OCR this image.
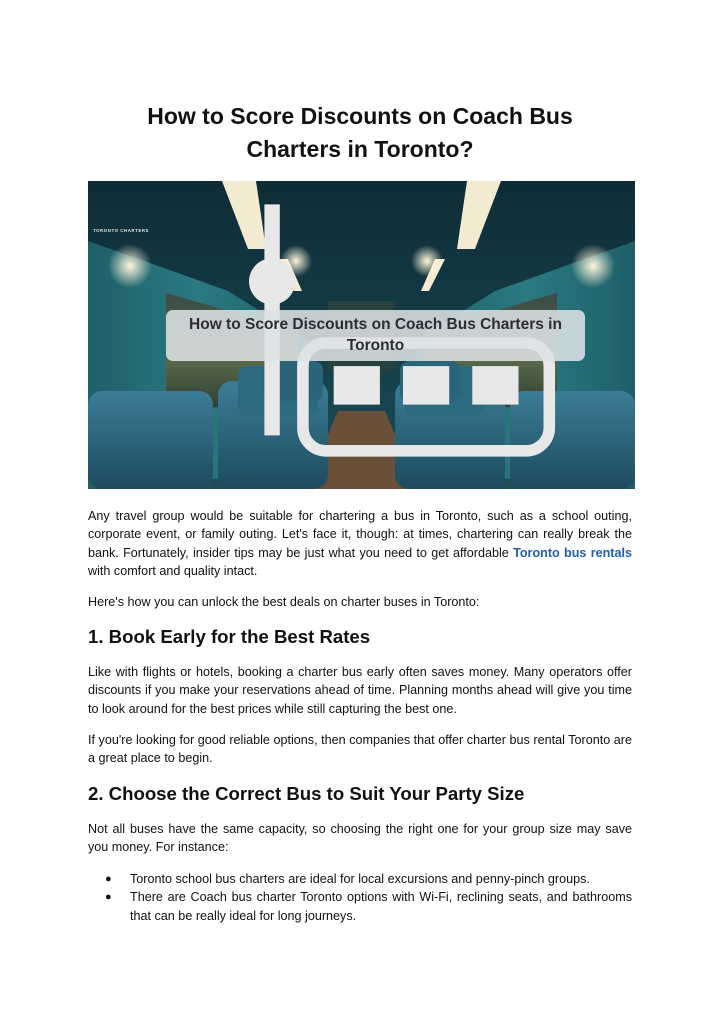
How to Score Discounts on Coach Bus
Charters in Toronto?
TORONTO CHARTERS
How to Score Discounts on Coach Bus Charters in
Toronto

Any travel group would be suitable for chartering a bus in Toronto, such as a school outing, corporate event, or family outing. Let's face it, though: at times, chartering can really break the bank. Fortunately, insider tips may be just what you need to get affordable Toronto bus rentals with comfort and quality intact.

Here's how you can unlock the best deals on charter buses in Toronto:

1. Book Early for the Best Rates

Like with flights or hotels, booking a charter bus early often saves money. Many operators offer discounts if you make your reservations ahead of time. Planning months ahead will give you time to look around for the best prices while still capturing the best one.

If you're looking for good reliable options, then companies that offer charter bus rental Toronto are a great place to begin.

2. Choose the Correct Bus to Suit Your Party Size

Not all buses have the same capacity, so choosing the right one for your group size may save you money. For instance:

● Toronto school bus charters are ideal for local excursions and penny-pinch groups.
● There are Coach bus charter Toronto options with Wi-Fi, reclining seats, and bathrooms that can be really ideal for long journeys.
